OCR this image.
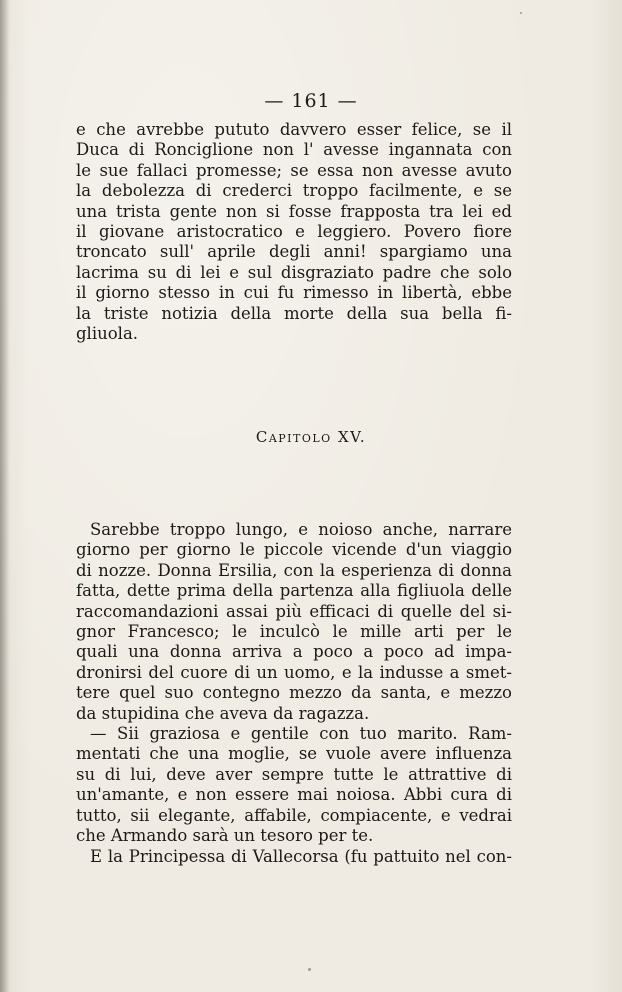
— 161 —
e che avrebbe pututo davvero esser felice, se il
Duca di Ronciglione non l' avesse ingannata con
le sue fallaci promesse; se essa non avesse avuto
la debolezza di crederci troppo facilmente, e se
una trista gente non si fosse frapposta tra lei ed
il giovane aristocratico e leggiero. Povero fiore
troncato sull' aprile degli anni! spargiamo una
lacrima su di lei e sul disgraziato padre che solo
il giorno stesso in cui fu rimesso in libertà, ebbe
la triste notizia della morte della sua bella fi-
gliuola.
Capitolo XV.
Sarebbe troppo lungo, e noioso anche, narrare
giorno per giorno le piccole vicende d'un viaggio
di nozze. Donna Ersilia, con la esperienza di donna
fatta, dette prima della partenza alla figliuola delle
raccomandazioni assai più efficaci di quelle del si-
gnor Francesco; le inculcò le mille arti per le
quali una donna arriva a poco a poco ad impa-
dronirsi del cuore di un uomo, e la indusse a smet-
tere quel suo contegno mezzo da santa, e mezzo
da stupidina che aveva da ragazza.
— Sii graziosa e gentile con tuo marito. Ram-
mentati che una moglie, se vuole avere influenza
su di lui, deve aver sempre tutte le attrattive di
un'amante, e non essere mai noiosa. Abbi cura di
tutto, sii elegante, affabile, compiacente, e vedrai
che Armando sarà un tesoro per te.
E la Principessa di Vallecorsa (fu pattuito nel con-
